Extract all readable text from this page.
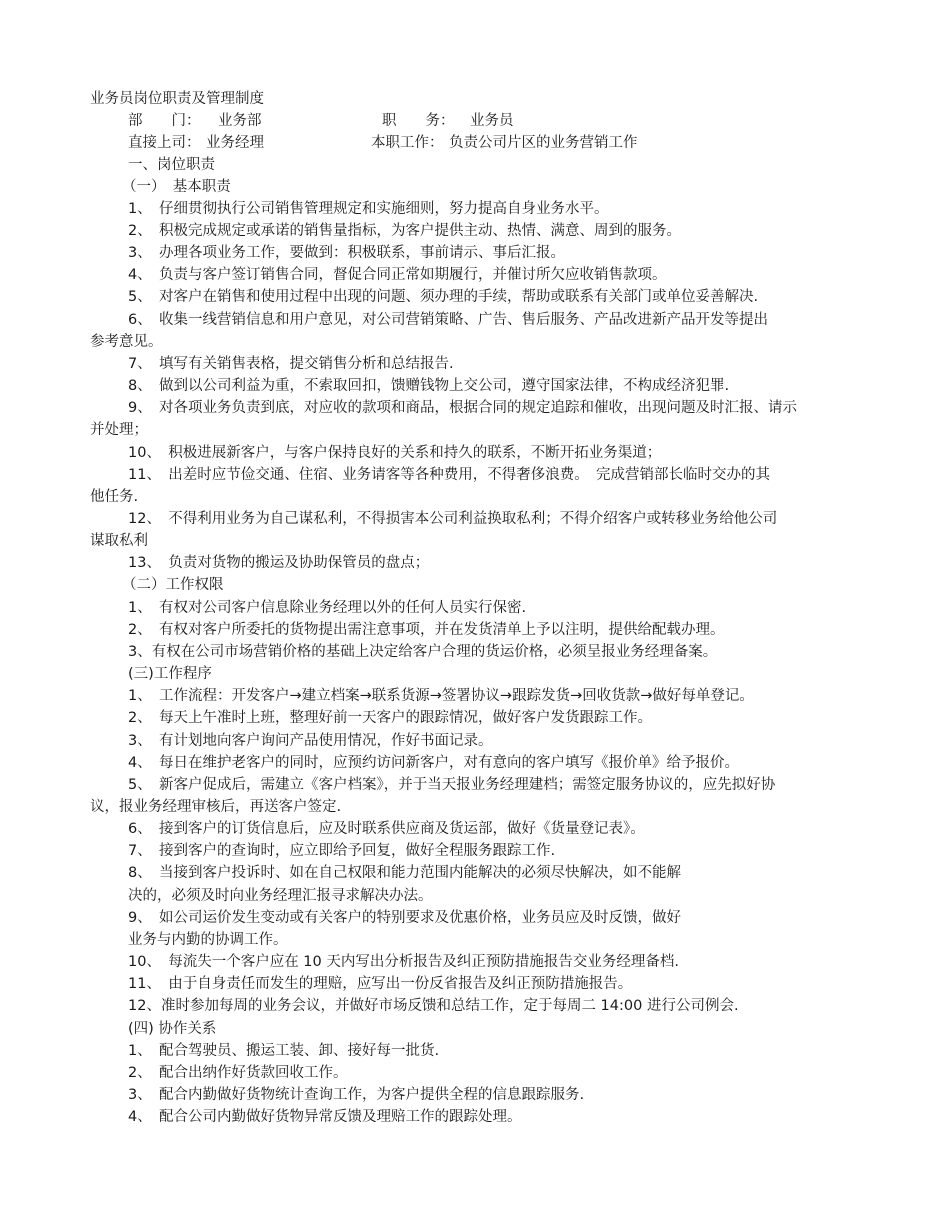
业务员岗位职责及管理制度
部　　门： 业务部	职　　务： 业务员
直接上司： 业务经理	本职工作： 负责公司片区的业务营销工作
一、岗位职责
（一）　基本职责
1、　仔细贯彻执行公司销售管理规定和实施细则，努力提高自身业务水平。
2、　积极完成规定或承诺的销售量指标，为客户提供主动、热情、满意、周到的服务。
3、　办理各项业务工作，要做到：积极联系，事前请示、事后汇报。
4、　负责与客户签订销售合同，督促合同正常如期履行，并催讨所欠应收销售款项。
5、　对客户在销售和使用过程中出现的问题、须办理的手续，帮助或联系有关部门或单位妥善解决.
6、　收集一线营销信息和用户意见，对公司营销策略、广告、售后服务、产品改进新产品开发等提出
参考意见。
7、　填写有关销售表格，提交销售分析和总结报告.
8、　做到以公司利益为重，不索取回扣，馈赠钱物上交公司，遵守国家法律，不构成经济犯罪.
9、　对各项业务负责到底，对应收的款项和商品，根据合同的规定追踪和催收，出现问题及时汇报、请示
并处理；
10、　积极进展新客户，与客户保持良好的关系和持久的联系，不断开拓业务渠道；
11、　出差时应节俭交通、住宿、业务请客等各种费用，不得奢侈浪费。　完成营销部长临时交办的其
他任务.
12、　不得利用业务为自己谋私利，不得损害本公司利益换取私利；不得介绍客户或转移业务给他公司
谋取私利
13、　负责对货物的搬运及协助保管员的盘点；
（二）工作权限
1、　有权对公司客户信息除业务经理以外的任何人员实行保密.
2、　有权对客户所委托的货物提出需注意事项，并在发货清单上予以注明，提供给配载办理。
3、有权在公司市场营销价格的基础上决定给客户合理的货运价格，必须呈报业务经理备案。
(三)工作程序
1、　工作流程：开发客户→建立档案→联系货源→签署协议→跟踪发货→回收货款→做好每单登记。
2、　每天上午准时上班，整理好前一天客户的跟踪情况，做好客户发货跟踪工作。
3、　有计划地向客户询问产品使用情况，作好书面记录。
4、　每日在维护老客户的同时，应预约访问新客户，对有意向的客户填写《报价单》给予报价。
5、　新客户促成后，需建立《客户档案》，并于当天报业务经理建档；需签定服务协议的，应先拟好协
议，报业务经理审核后，再送客户签定.
6、　接到客户的订货信息后，应及时联系供应商及货运部，做好《货量登记表》。
7、　接到客户的查询时，应立即给予回复，做好全程服务跟踪工作.
8、　当接到客户投诉时、如在自己权限和能力范围内能解决的必须尽快解决，如不能解
决的，必须及时向业务经理汇报寻求解决办法。
9、　如公司运价发生变动或有关客户的特别要求及优惠价格，业务员应及时反馈，做好
业务与内勤的协调工作。
10、　每流失一个客户应在 10 天内写出分析报告及纠正预防措施报告交业务经理备档.
11、　由于自身责任而发生的理赔，应写出一份反省报告及纠正预防措施报告。
12、准时参加每周的业务会议，并做好市场反馈和总结工作，定于每周二 14:00 进行公司例会.
(四) 协作关系
1、　配合驾驶员、搬运工装、卸、接好每一批货.
2、　配合出纳作好货款回收工作。
3、　配合内勤做好货物统计查询工作，为客户提供全程的信息跟踪服务.
4、　配合公司内勤做好货物异常反馈及理赔工作的跟踪处理。
